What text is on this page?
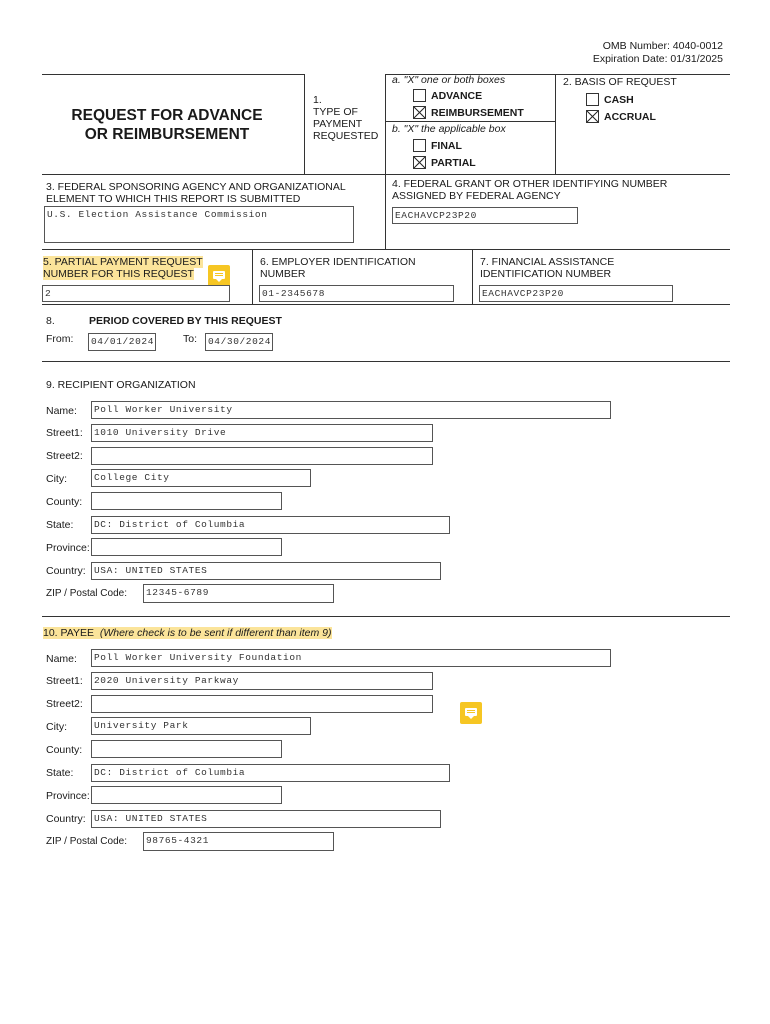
OMB Number: 4040-0012
Expiration Date: 01/31/2025
REQUEST FOR ADVANCE
OR REIMBURSEMENT
1.
TYPE OF
PAYMENT
REQUESTED
a. "X" one or both boxes
ADVANCE
REIMBURSEMENT
b. "X" the applicable box
FINAL
PARTIAL
2. BASIS OF REQUEST
CASH
ACCRUAL
3. FEDERAL SPONSORING AGENCY AND ORGANIZATIONAL
ELEMENT TO WHICH THIS REPORT IS SUBMITTED
U.S. Election Assistance Commission
4. FEDERAL GRANT OR OTHER IDENTIFYING NUMBER
ASSIGNED BY FEDERAL AGENCY
EACHAVCP23P20
5. PARTIAL PAYMENT REQUEST
NUMBER FOR THIS REQUEST
2
6. EMPLOYER IDENTIFICATION
NUMBER
01-2345678
7. FINANCIAL ASSISTANCE
IDENTIFICATION NUMBER
EACHAVCP23P20
8.	PERIOD COVERED BY THIS REQUEST
From:	04/01/2024	To:	04/30/2024
9. RECIPIENT ORGANIZATION
Name:	Poll Worker University
Street1:	1010 University Drive
Street2:
City:	College City
County:
State:	DC: District of Columbia
Province:
Country: USA: UNITED STATES
ZIP / Postal Code:	12345-6789
10. PAYEE (Where check is to be sent if different than item 9)
Name:	Poll Worker University Foundation
Street1:	2020 University Parkway
Street2:
City:	University Park
County:
State:	DC: District of Columbia
Province:
Country: USA: UNITED STATES
ZIP / Postal Code:	98765-4321
